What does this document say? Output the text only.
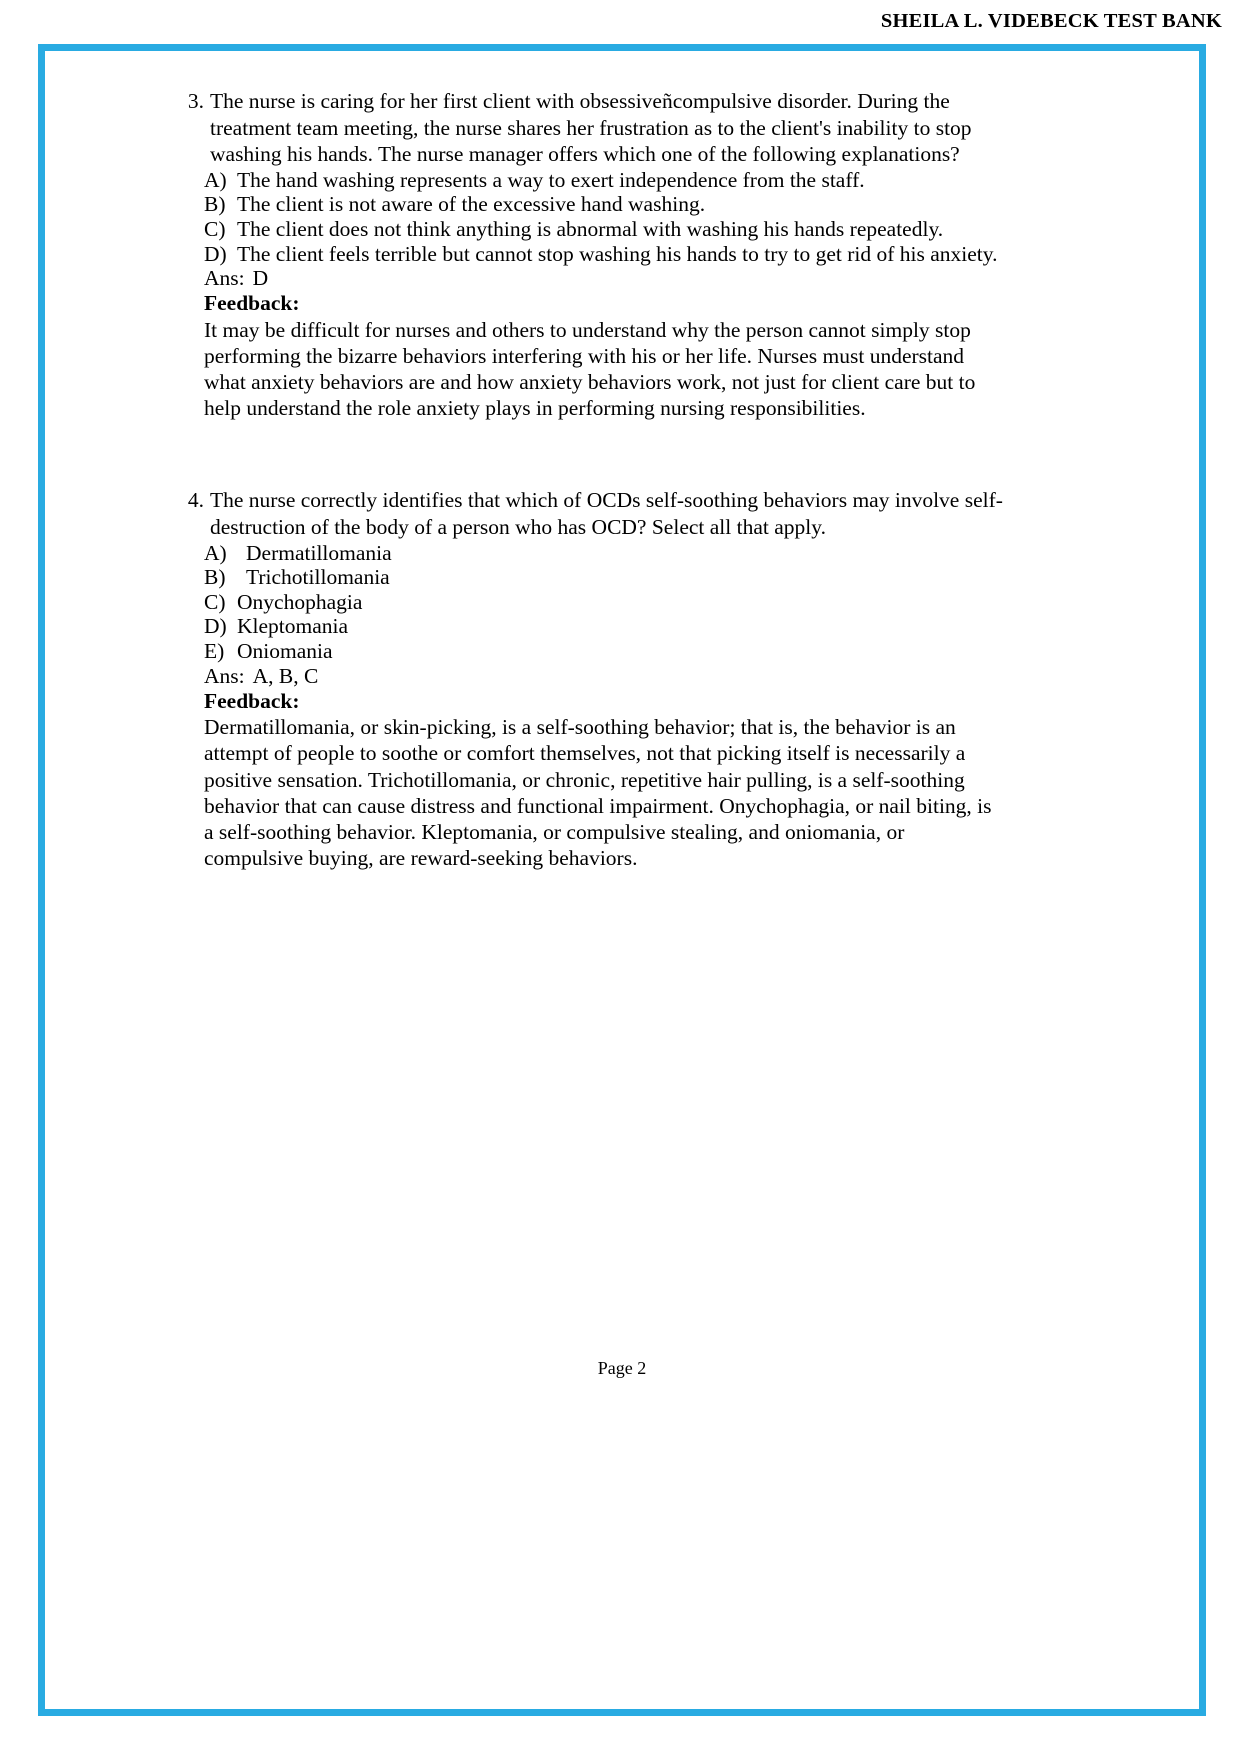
SHEILA L. VIDEBECK TEST BANK
3. The nurse is caring for her first client with obsessiveñcompulsive disorder. During the treatment team meeting, the nurse shares her frustration as to the client's inability to stop washing his hands. The nurse manager offers which one of the following explanations?
A) The hand washing represents a way to exert independence from the staff.
B) The client is not aware of the excessive hand washing.
C) The client does not think anything is abnormal with washing his hands repeatedly.
D) The client feels terrible but cannot stop washing his hands to try to get rid of his anxiety.
Ans: D
Feedback:
It may be difficult for nurses and others to understand why the person cannot simply stop performing the bizarre behaviors interfering with his or her life. Nurses must understand what anxiety behaviors are and how anxiety behaviors work, not just for client care but to help understand the role anxiety plays in performing nursing responsibilities.
4. The nurse correctly identifies that which of OCDs self-soothing behaviors may involve self-destruction of the body of a person who has OCD? Select all that apply.
A) Dermatillomania
B) Trichotillomania
C) Onychophagia
D) Kleptomania
E) Oniomania
Ans: A, B, C
Feedback:
Dermatillomania, or skin-picking, is a self-soothing behavior; that is, the behavior is an attempt of people to soothe or comfort themselves, not that picking itself is necessarily a positive sensation. Trichotillomania, or chronic, repetitive hair pulling, is a self-soothing behavior that can cause distress and functional impairment. Onychophagia, or nail biting, is a self-soothing behavior. Kleptomania, or compulsive stealing, and oniomania, or compulsive buying, are reward-seeking behaviors.
Page 2
